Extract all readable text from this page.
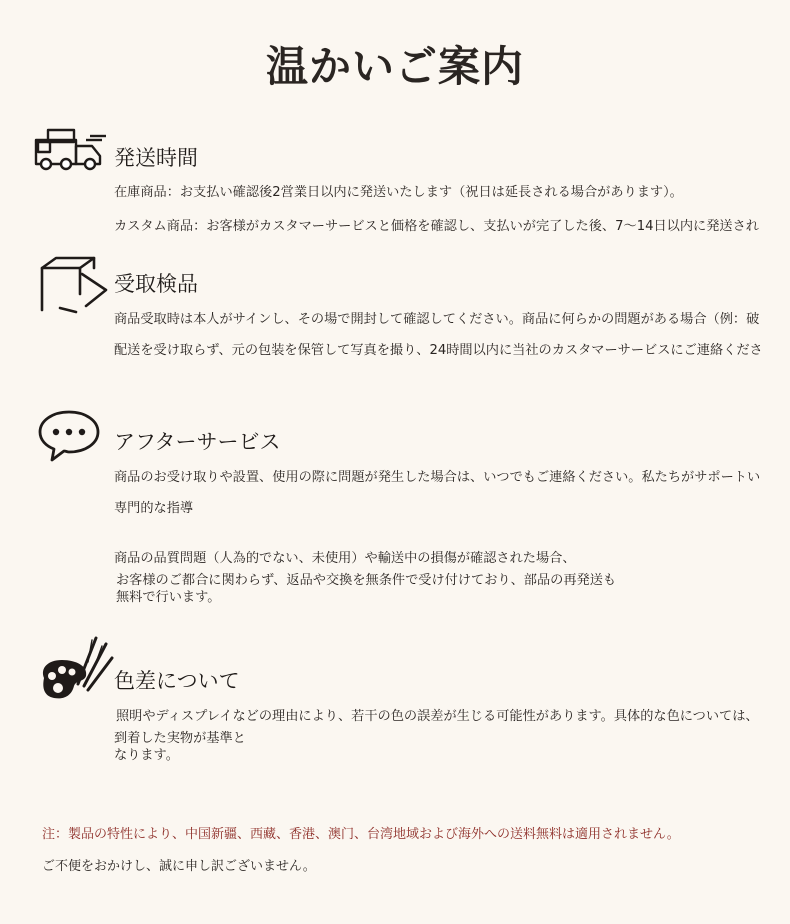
温かいご案内
発送時間
在庫商品：お支払い確認後2営業日以内に発送いたします（祝日は延長される場合があります）。
カスタム商品：お客様がカスタマーサービスと価格を確認し、支払いが完了した後、7〜14日以内に発送され
受取検品
商品受取時は本人がサインし、その場で開封して確認してください。商品に何らかの問題がある場合（例：破
配送を受け取らず、元の包装を保管して写真を撮り、24時間以内に当社のカスタマーサービスにご連絡くださ
アフターサービス
商品のお受け取りや設置、使用の際に問題が発生した場合は、いつでもご連絡ください。私たちがサポートい
専門的な指導
商品の品質問題（人為的でない、未使用）や輸送中の損傷が確認された場合、
お客様のご都合に関わらず、返品や交換を無条件で受け付けており、部品の再発送も
無料で行います。
色差について
照明やディスプレイなどの理由により、若干の色の誤差が生じる可能性があります。具体的な色については、
到着した実物が基準と
なります。
注：製品の特性により、中国新疆、西藏、香港、澳门、台湾地域および海外への送料無料は適用されません。
ご不便をおかけし、誠に申し訳ございません。
